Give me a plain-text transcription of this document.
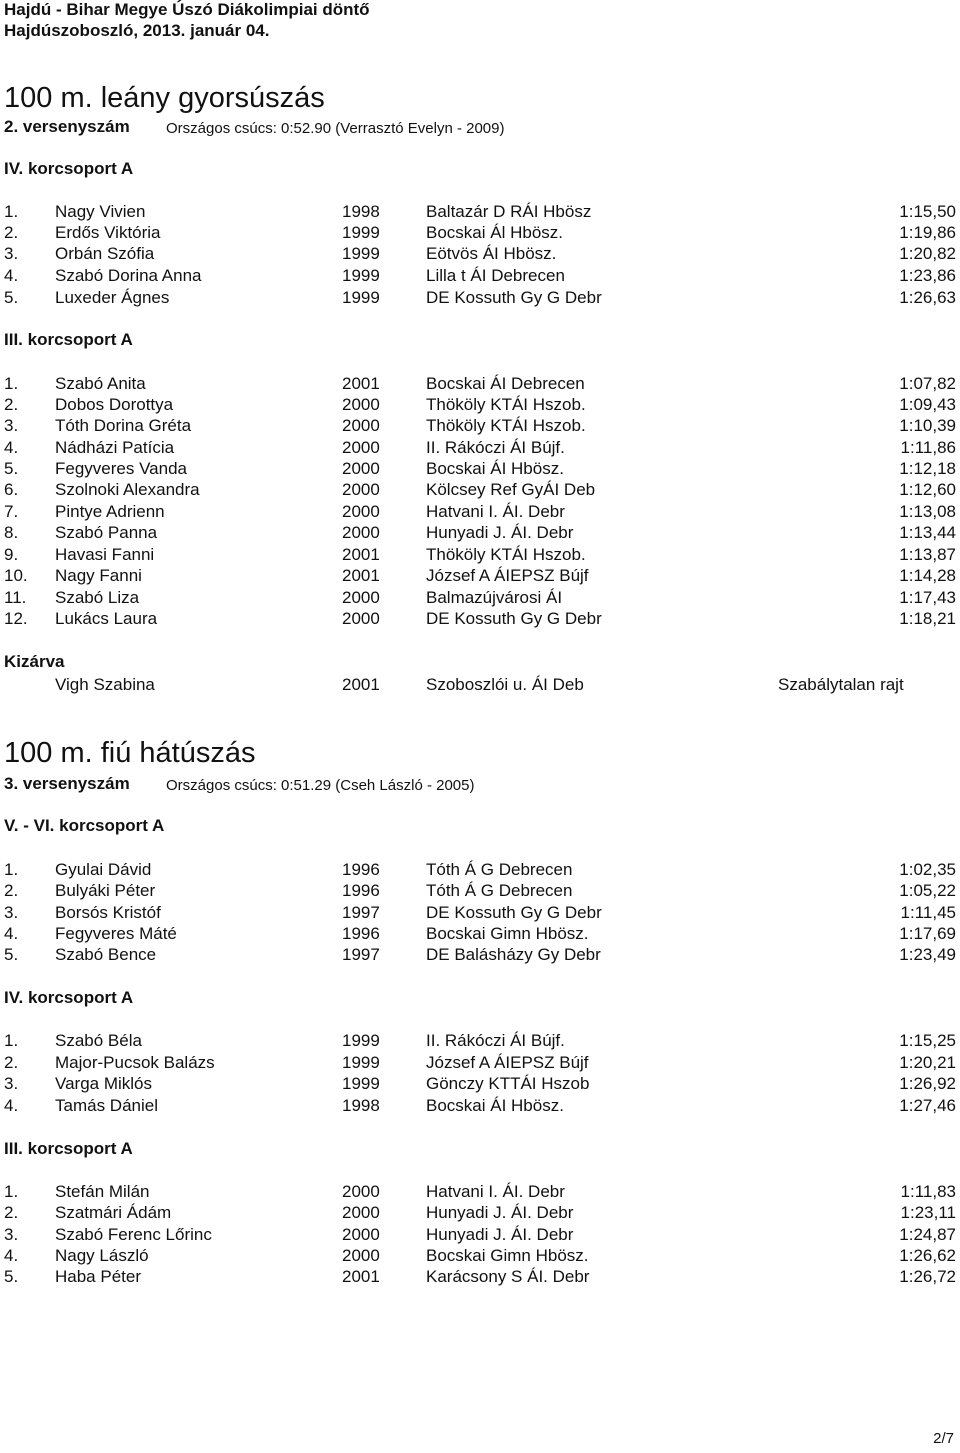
Hajdú - Bihar Megye Úszó Diákolimpiai döntő
Hajdúszoboszló, 2013. január 04.
100 m. leány gyorsúszás
2. versenyszám Országos csúcs: 0:52.90 (Verrasztó Evelyn - 2009)
IV. korcsoport A
1. Nagy Vivien	1998	Baltazár D RÁI Hbösz	1:15,50
2. Erdős Viktória	1999	Bocskai Ál Hbösz.	1:19,86
3. Orbán Szófia	1999	Eötvös ÁI Hbösz.	1:20,82
4. Szabó Dorina Anna	1999	Lilla t ÁI Debrecen	1:23,86
5. Luxeder Ágnes	1999	DE Kossuth Gy G Debr	1:26,63
III. korcsoport A
1. Szabó Anita	2001	Bocskai ÁI Debrecen	1:07,82
2. Dobos Dorottya	2000	Thököly KTÁI Hszob.	1:09,43
3. Tóth Dorina Gréta	2000	Thököly KTÁI Hszob.	1:10,39
4. Nádházi Patícia	2000	II. Rákóczi ÁI Bújf.	1:11,86
5. Fegyveres Vanda	2000	Bocskai ÁI Hbösz.	1:12,18
6. Szolnoki Alexandra	2000	Kölcsey Ref GyÁI Deb	1:12,60
7. Pintye Adrienn	2000	Hatvani I. ÁI. Debr	1:13,08
8. Szabó Panna	2000	Hunyadi J. ÁI. Debr	1:13,44
9. Havasi Fanni	2001	Thököly KTÁI Hszob.	1:13,87
10. Nagy Fanni	2001	József A ÁIEPSZ Bújf	1:14,28
11. Szabó Liza	2000	Balmazújvárosi ÁI	1:17,43
12. Lukács Laura	2000	DE Kossuth Gy G Debr	1:18,21
Kizárva
Vigh Szabina	2001	Szoboszlói u. ÁI Deb	Szabálytalan rajt
100 m. fiú hátúszás
3. versenyszám Országos csúcs: 0:51.29 (Cseh László - 2005)
V. - VI. korcsoport A
1. Gyulai Dávid	1996	Tóth Á G Debrecen	1:02,35
2. Bulyáki Péter	1996	Tóth Á G Debrecen	1:05,22
3. Borsós Kristóf	1997	DE Kossuth Gy G Debr	1:11,45
4. Fegyveres Máté	1996	Bocskai Gimn Hbösz.	1:17,69
5. Szabó Bence	1997	DE Balásházy Gy Debr	1:23,49
IV. korcsoport A
1. Szabó Béla	1999	II. Rákóczi ÁI Bújf.	1:15,25
2. Major-Pucsok Balázs	1999	József A ÁIEPSZ Bújf	1:20,21
3. Varga Miklós	1999	Gönczy KTTÁI Hszob	1:26,92
4. Tamás Dániel	1998	Bocskai ÁI Hbösz.	1:27,46
III. korcsoport A
1. Stefán Milán	2000	Hatvani I. ÁI. Debr	1:11,83
2. Szatmári Ádám	2000	Hunyadi J. ÁI. Debr	1:23,11
3. Szabó Ferenc Lőrinc	2000	Hunyadi J. ÁI. Debr	1:24,87
4. Nagy László	2000	Bocskai Gimn Hbösz.	1:26,62
5. Haba Péter	2001	Karácsony S ÁI. Debr	1:26,72
2/7
